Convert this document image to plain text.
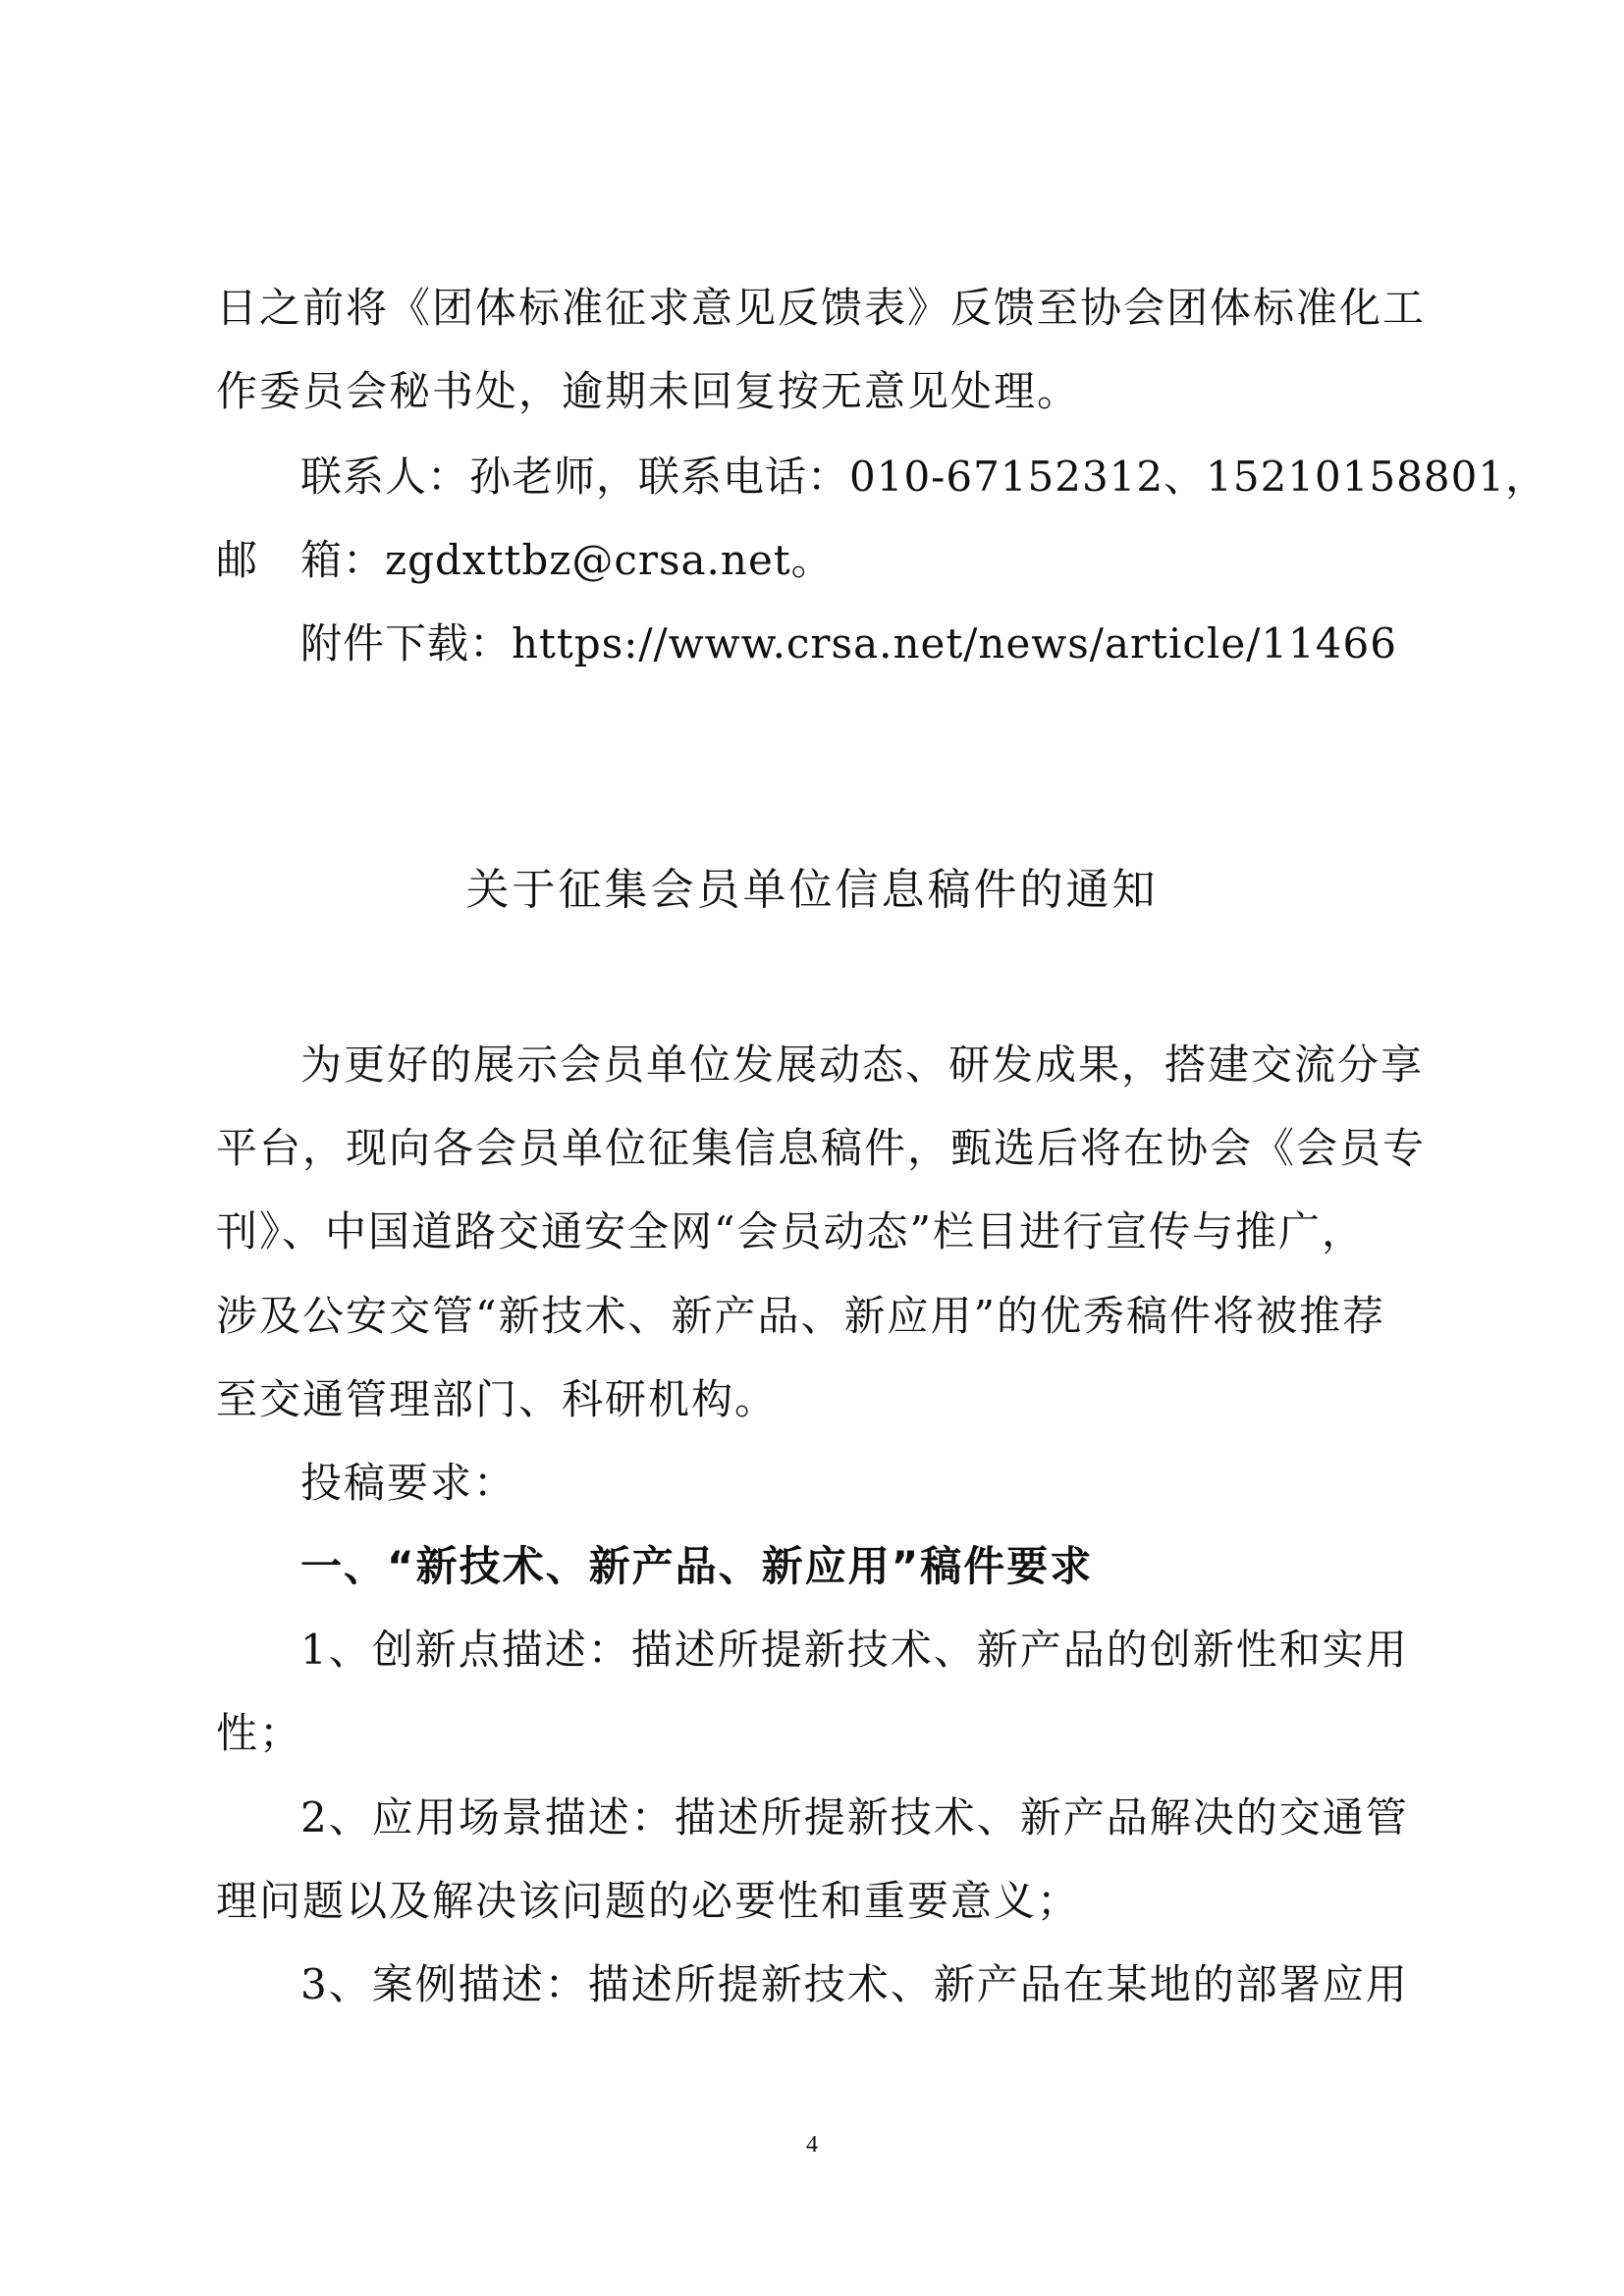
日之前将《团体标准征求意见反馈表》反馈至协会团体标准化工
作委员会秘书处，逾期未回复按无意见处理。
联系人：孙老师，联系电话：010-67152312、15210158801，
邮　箱：zgdxttbz@crsa.net。
附件下载：https://www.crsa.net/news/article/11466
关于征集会员单位信息稿件的通知
为更好的展示会员单位发展动态、研发成果，搭建交流分享
平台，现向各会员单位征集信息稿件，甄选后将在协会《会员专
刊》、中国道路交通安全网“会员动态”栏目进行宣传与推广，
涉及公安交管“新技术、新产品、新应用”的优秀稿件将被推荐
至交通管理部门、科研机构。
投稿要求：
一、“新技术、新产品、新应用”稿件要求
1、创新点描述：描述所提新技术、新产品的创新性和实用
性；
2、应用场景描述：描述所提新技术、新产品解决的交通管
理问题以及解决该问题的必要性和重要意义；
3、案例描述：描述所提新技术、新产品在某地的部署应用
4
